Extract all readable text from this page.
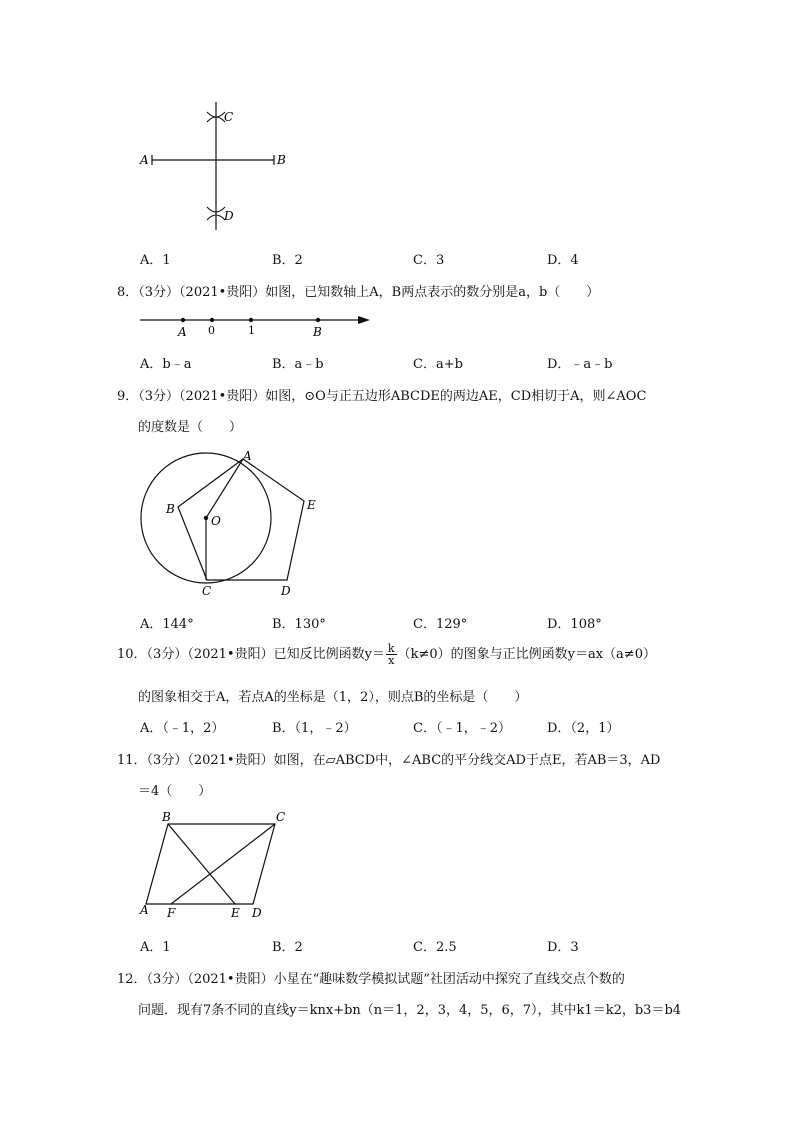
A	B
C
D
A．1	B．2	C．3	D．4
8．（3分）（2021•贵阳）如图，已知数轴上A，B两点表示的数分别是a，b（　　）
A 0	1	B
A．b﹣a	B．a﹣b	C．a+b	D．﹣a﹣b
9．（3分）（2021•贵阳）如图，⊙O与正五边形ABCDE的两边AE，CD相切于A，则∠AOC
的度数是（　　）
A
B
O
E
C	D
A．144°	B．130°	C．129°	D．108°
10．（3分）（2021•贵阳）已知反比例函数$y= \frac{k}{x} (k\ne 0)$的图象与正比例函数y＝ax（a≠0）
的图象相交于A，若点A的坐标是（1，2），则点B的坐标是（　　）
A．（﹣1，2）	B．（1，﹣2）	C．（﹣1，﹣2）	D．（2，1）
11．（3分）（2021•贵阳）如图，在▱ABCD中，∠ABC的平分线交AD于点E，若AB＝3，AD
＝4（　　）
B	C
A F	E D
A．1	B．2	C．2.5	D．3
12．（3分）（2021•贵阳）小星在“趣味数学模拟试题”社团活动中探究了直线交点个数的
问题．现有7条不同的直线y＝knx+bn（n＝1，2，3，4，5，6，7），其中k1＝k2，b3＝b4
